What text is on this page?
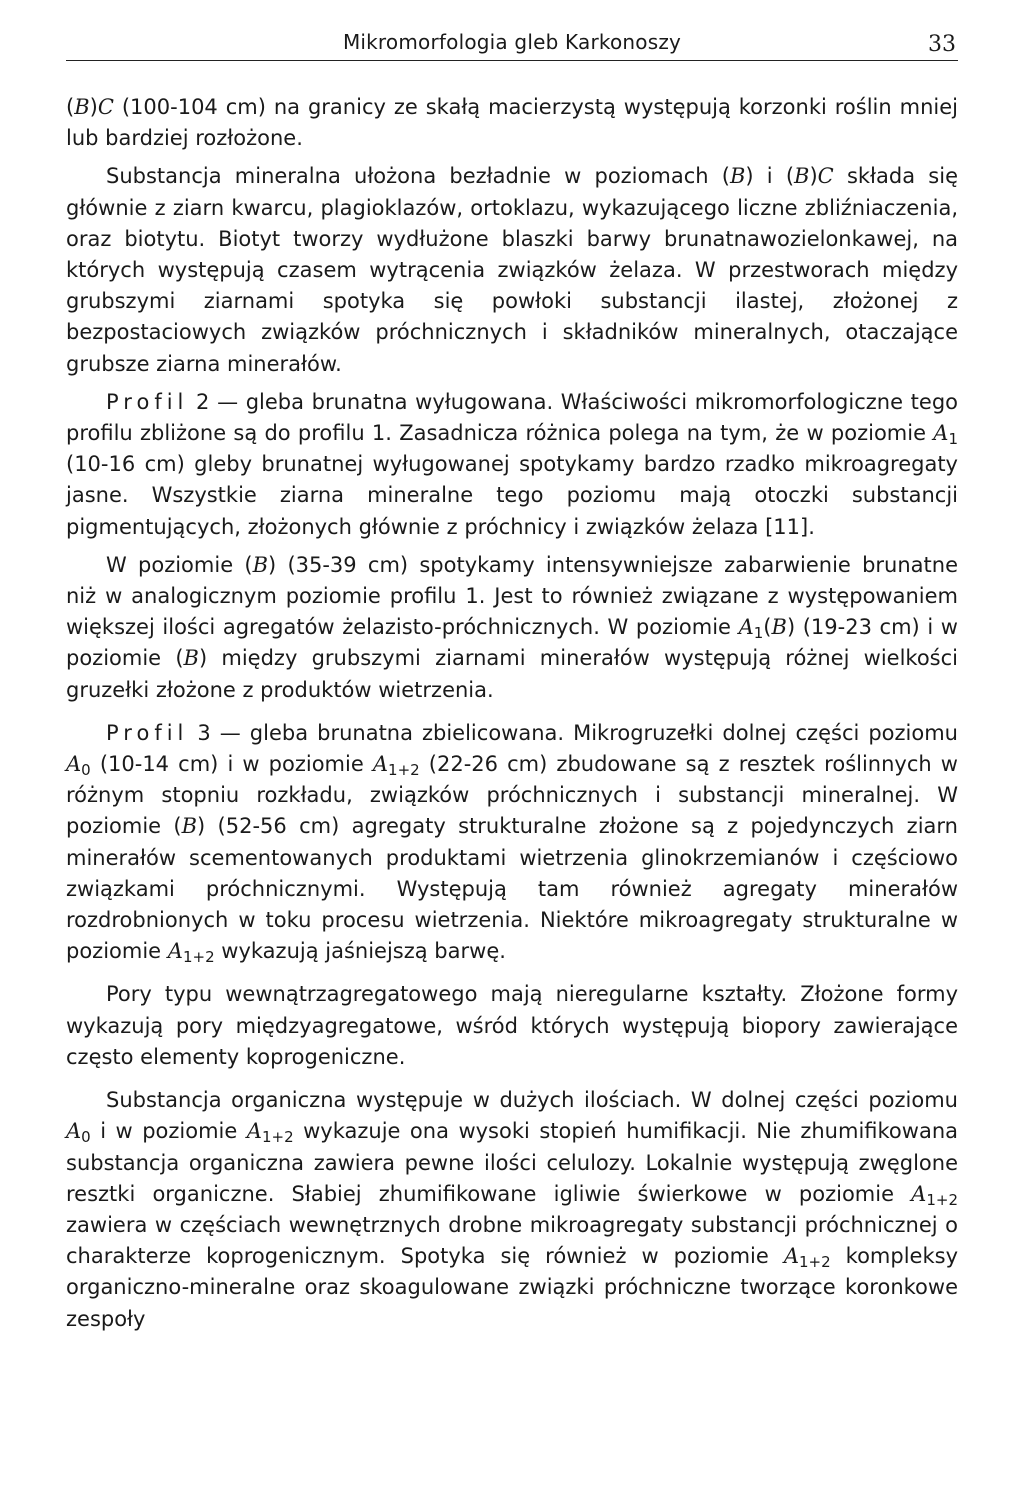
Mikromorfologia gleb Karkonoszy	33

(B)C (100-104 cm) na granicy ze skałą macierzystą występują korzonki roślin mniej lub bardziej rozłożone.

Substancja mineralna ułożona bezładnie w poziomach (B) i (B)C składa się głównie z ziarn kwarcu, plagioklazów, ortoklazu, wykazującego liczne zbliźniaczenia, oraz biotytu. Biotyt tworzy wydłużone blaszki barwy brunatnawozielonkawej, na których występują czasem wytrącenia związków żelaza. W przestworach między grubszymi ziarnami spotyka się powłoki substancji ilastej, złożonej z bezpostaciowych związków próchnicznych i składników mineralnych, otaczające grubsze ziarna minerałów.

Profil 2 — gleba brunatna wyługowana. Właściwości mikromorfologiczne tego profilu zbliżone są do profilu 1. Zasadnicza różnica polega na tym, że w poziomie $A_1$ (10-16 cm) gleby brunatnej wyługowanej spotykamy bardzo rzadko mikroagregaty jasne. Wszystkie ziarna mineralne tego poziomu mają otoczki substancji pigmentujących, złożonych głównie z próchnicy i związków żelaza [11].

W poziomie (B) (35-39 cm) spotykamy intensywniejsze zabarwienie brunatne niż w analogicznym poziomie profilu 1. Jest to również związane z występowaniem większej ilości agregatów żelazisto-próchnicznych. W poziomie $A_1(B)$ (19-23 cm) i w poziomie (B) między grubszymi ziarnami minerałów występują różnej wielkości gruzełki złożone z produktów wietrzenia.

Profil 3 — gleba brunatna zbielicowana. Mikrogruzełki dolnej części poziomu $A_0$ (10-14 cm) i w poziomie $A_{1+2}$ (22-26 cm) zbudowane są z resztek roślinnych w różnym stopniu rozkładu, związków próchnicznych i substancji mineralnej. W poziomie (B) (52-56 cm) agregaty strukturalne złożone są z pojedynczych ziarn minerałów scementowanych produktami wietrzenia glinokrzemianów i częściowo związkami próchnicznymi. Występują tam również agregaty minerałów rozdrobnionych w toku procesu wietrzenia. Niektóre mikroagregaty strukturalne w poziomie $A_{1+2}$ wykazują jaśniejszą barwę.

Pory typu wewnątrzagregatowego mają nieregularne kształty. Złożone formy wykazują pory międzyagregatowe, wśród których występują biopory zawierające często elementy koprogeniczne.

Substancja organiczna występuje w dużych ilościach. W dolnej części poziomu $A_0$ i w poziomie $A_{1+2}$ wykazuje ona wysoki stopień humifikacji. Nie zhumifikowana substancja organiczna zawiera pewne ilości celulozy. Lokalnie występują zwęglone resztki organiczne. Słabiej zhumifikowane igliwie świerkowe w poziomie $A_{1+2}$ zawiera w częściach wewnętrznych drobne mikroagregaty substancji próchnicznej o charakterze koprogenicznym. Spotyka się również w poziomie $A_{1+2}$ kompleksy organiczno-mineralne oraz skoagulowane związki próchniczne tworzące koronkowe zespoły
